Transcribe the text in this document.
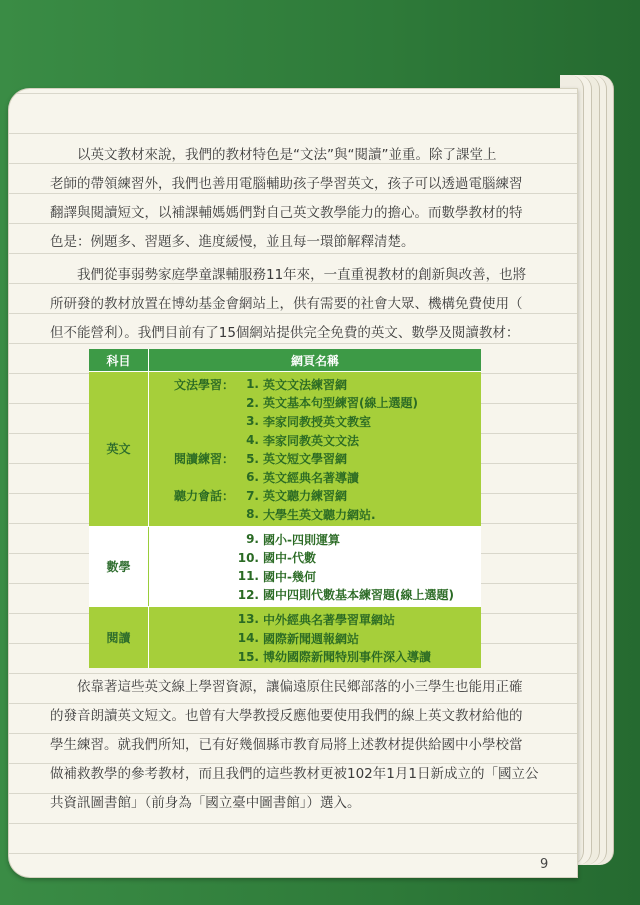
以英文教材來說，我們的教材特色是“文法”與“閱讀”並重。除了課堂上
老師的帶領練習外，我們也善用電腦輔助孩子學習英文，孩子可以透過電腦練習
翻譯與閱讀短文，以補課輔媽媽們對自己英文教學能力的擔心。而數學教材的特
色是：例題多、習題多、進度緩慢，並且每一環節解釋清楚。
我們從事弱勢家庭學童課輔服務11年來，一直重視教材的創新與改善，也將
所研發的教材放置在博幼基金會網站上，供有需要的社會大眾、機構免費使用（
但不能營利）。我們目前有了15個網站提供完全免費的英文、數學及閱讀教材：
科目	網頁名稱
英文
文法學習：	1. 英文文法練習網
2. 英文基本句型練習(線上選題)
3. 李家同教授英文教室
4. 李家同教英文文法
閱讀練習：	5. 英文短文學習網
6. 英文經典名著導讀
聽力會話：	7. 英文聽力練習網
8. 大學生英文聽力網站.
數學
9. 國小-四則運算
10. 國中-代數
11. 國中-幾何
12. 國中四則代數基本練習題(線上選題)
閱讀
13. 中外經典名著學習單網站
14. 國際新聞週報網站
15. 博幼國際新聞特別事件深入導讀
依靠著這些英文線上學習資源，讓偏遠原住民鄉部落的小三學生也能用正確
的發音朗讀英文短文。也曾有大學教授反應他要使用我們的線上英文教材給他的
學生練習。就我們所知，已有好幾個縣市教育局將上述教材提供給國中小學校當
做補救教學的參考教材，而且我們的這些教材更被102年1月1日新成立的「國立公
共資訊圖書館」（前身為「國立臺中圖書館」）選入。
9
